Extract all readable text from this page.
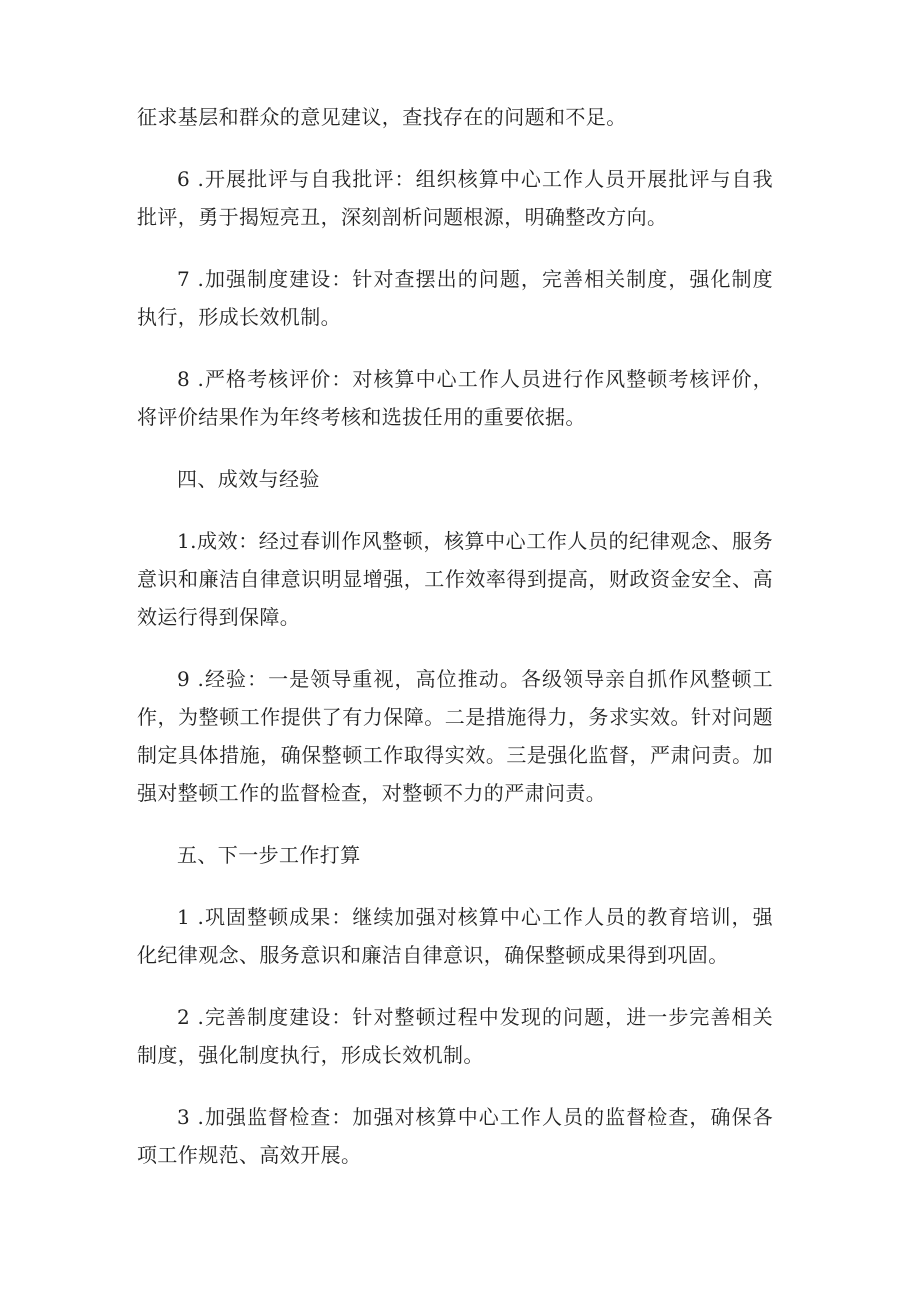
征求基层和群众的意见建议，查找存在的问题和不足。

6 .开展批评与自我批评：组织核算中心工作人员开展批评与自我批评，勇于揭短亮丑，深刻剖析问题根源，明确整改方向。

7 .加强制度建设：针对查摆出的问题，完善相关制度，强化制度执行，形成长效机制。

8 .严格考核评价：对核算中心工作人员进行作风整顿考核评价，将评价结果作为年终考核和选拔任用的重要依据。

四、成效与经验

1.成效：经过春训作风整顿，核算中心工作人员的纪律观念、服务意识和廉洁自律意识明显增强，工作效率得到提高，财政资金安全、高效运行得到保障。

9 .经验：一是领导重视，高位推动。各级领导亲自抓作风整顿工作，为整顿工作提供了有力保障。二是措施得力，务求实效。针对问题制定具体措施，确保整顿工作取得实效。三是强化监督，严肃问责。加强对整顿工作的监督检查，对整顿不力的严肃问责。

五、下一步工作打算

1 .巩固整顿成果：继续加强对核算中心工作人员的教育培训，强化纪律观念、服务意识和廉洁自律意识，确保整顿成果得到巩固。

2 .完善制度建设：针对整顿过程中发现的问题，进一步完善相关制度，强化制度执行，形成长效机制。

3 .加强监督检查：加强对核算中心工作人员的监督检查，确保各项工作规范、高效开展。
